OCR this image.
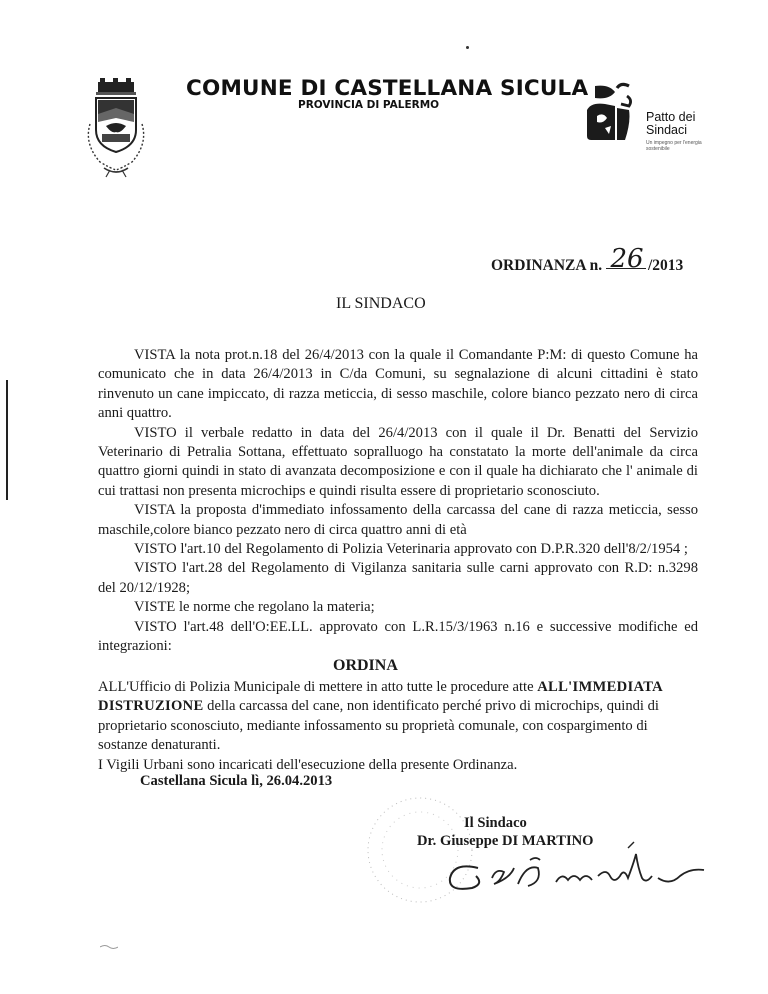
COMUNE DI CASTELLANA SICULA
PROVINCIA DI PALERMO
Patto dei
Sindaci
Un impegno per l'energia sostenibile
ORDINANZA n. 26 /2013
IL SINDACO

VISTA la nota prot.n.18 del 26/4/2013 con la quale il Comandante P:M: di questo Comune ha comunicato che in data 26/4/2013 in C/da Comuni, su segnalazione di alcuni cittadini è stato rinvenuto un cane impiccato, di razza meticcia, di sesso maschile, colore bianco pezzato nero di circa anni quattro.

VISTO il verbale redatto in data del 26/4/2013 con il quale il Dr. Benatti del Servizio Veterinario di Petralia Sottana, effettuato sopralluogo ha constatato la morte dell'animale da circa quattro giorni quindi in stato di avanzata decomposizione e con il quale ha dichiarato che l' animale di cui trattasi non presenta microchips e quindi risulta essere di proprietario sconosciuto.

VISTA la proposta d'immediato infossamento della carcassa del cane di razza meticcia, sesso maschile,colore bianco pezzato nero di circa quattro anni di età

VISTO l'art.10 del Regolamento di Polizia Veterinaria approvato con D.P.R.320 dell'8/2/1954 ;

VISTO l'art.28 del Regolamento di Vigilanza sanitaria sulle carni approvato con R.D: n.3298 del 20/12/1928;

VISTE le norme che regolano la materia;

VISTO l'art.48 dell'O:EE.LL. approvato con L.R.15/3/1963 n.16 e successive modifiche ed integrazioni:

ORDINA

ALL'Ufficio di Polizia Municipale di mettere in atto tutte le procedure atte ALL'IMMEDIATA DISTRUZIONE della carcassa del cane, non identificato perché privo di microchips, quindi di proprietario sconosciuto, mediante infossamento su proprietà comunale, con cospargimento di sostanze denaturanti.

I Vigili Urbani sono incaricati dell'esecuzione della presente Ordinanza.

Castellana Sicula lì, 26.04.2013
Il Sindaco
Dr. Giuseppe DI MARTINO
